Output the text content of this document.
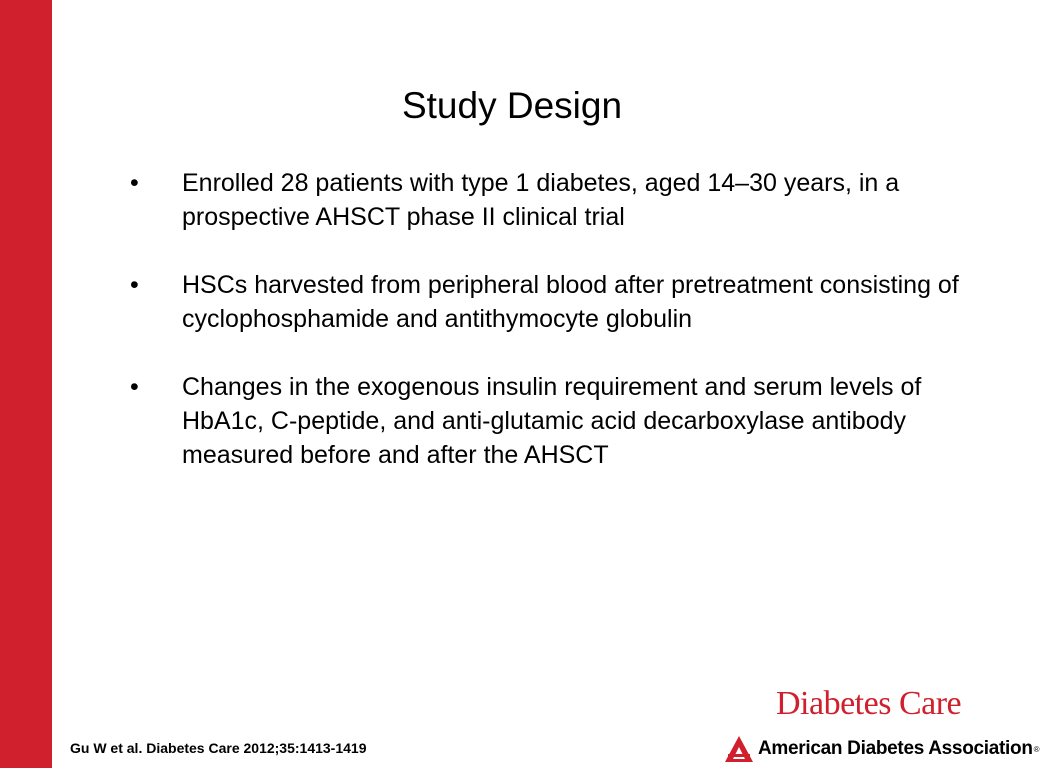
Study Design
•	Enrolled 28 patients with type 1 diabetes, aged 14–30 years, in a prospective AHSCT phase II clinical trial
•	HSCs harvested from peripheral blood after pretreatment consisting of cyclophosphamide and antithymocyte globulin
•	Changes in the exogenous insulin requirement and serum levels of HbA1c, C-peptide, and anti-glutamic acid decarboxylase antibody measured before and after the AHSCT
Gu W et al. Diabetes Care 2012;35:1413-1419
Diabetes Care
American Diabetes Association ®
